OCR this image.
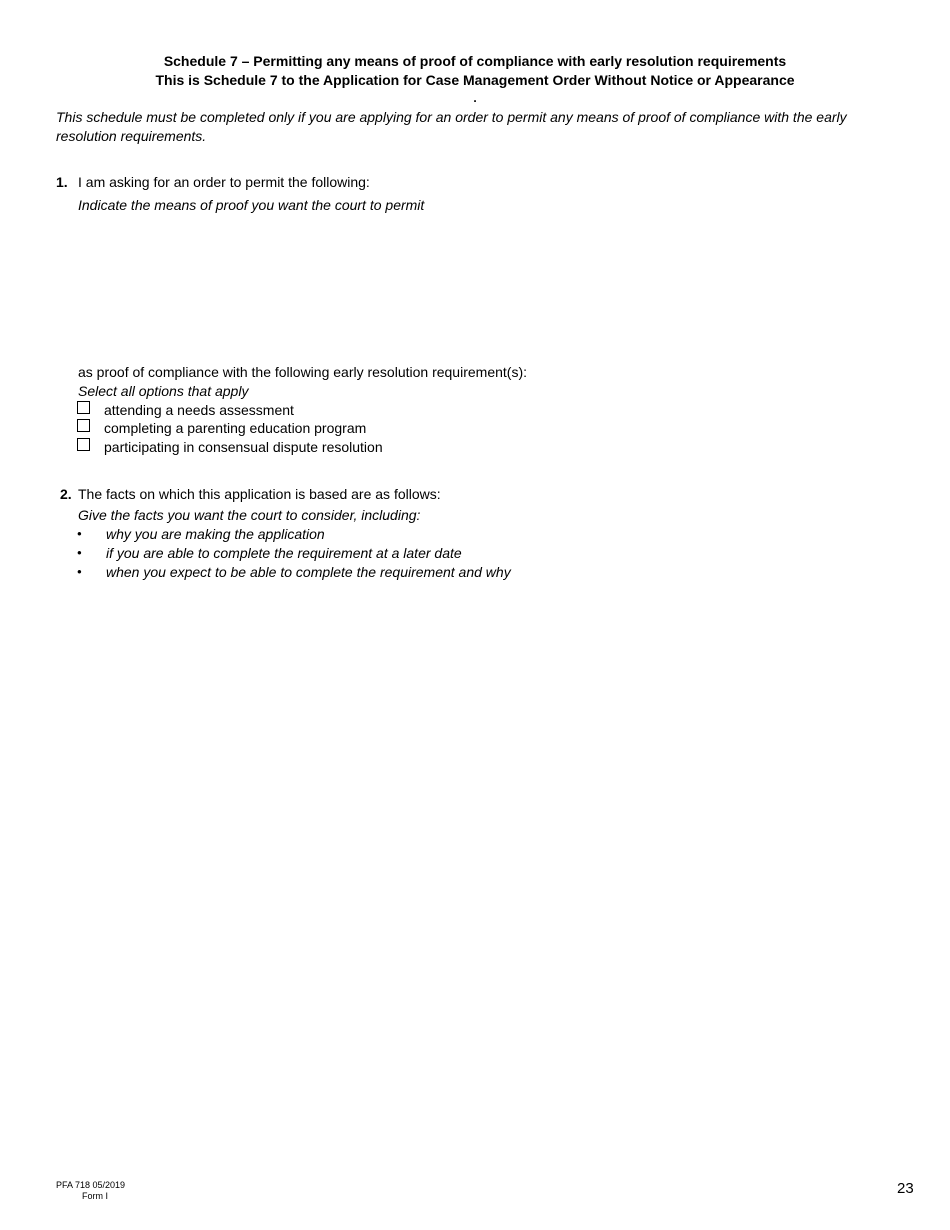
Schedule 7 – Permitting any means of proof of compliance with early resolution requirements
This is Schedule 7 to the Application for Case Management Order Without Notice or Appearance
.
This schedule must be completed only if you are applying for an order to permit any means of proof of compliance with the early resolution requirements.
1. I am asking for an order to permit the following:
Indicate the means of proof you want the court to permit
as proof of compliance with the following early resolution requirement(s):
Select all options that apply
attending a needs assessment
completing a parenting education program
participating in consensual dispute resolution
2. The facts on which this application is based are as follows:
Give the facts you want the court to consider, including:
• why you are making the application
• if you are able to complete the requirement at a later date
• when you expect to be able to complete the requirement and why
PFA 718 05/2019
Form I	23
